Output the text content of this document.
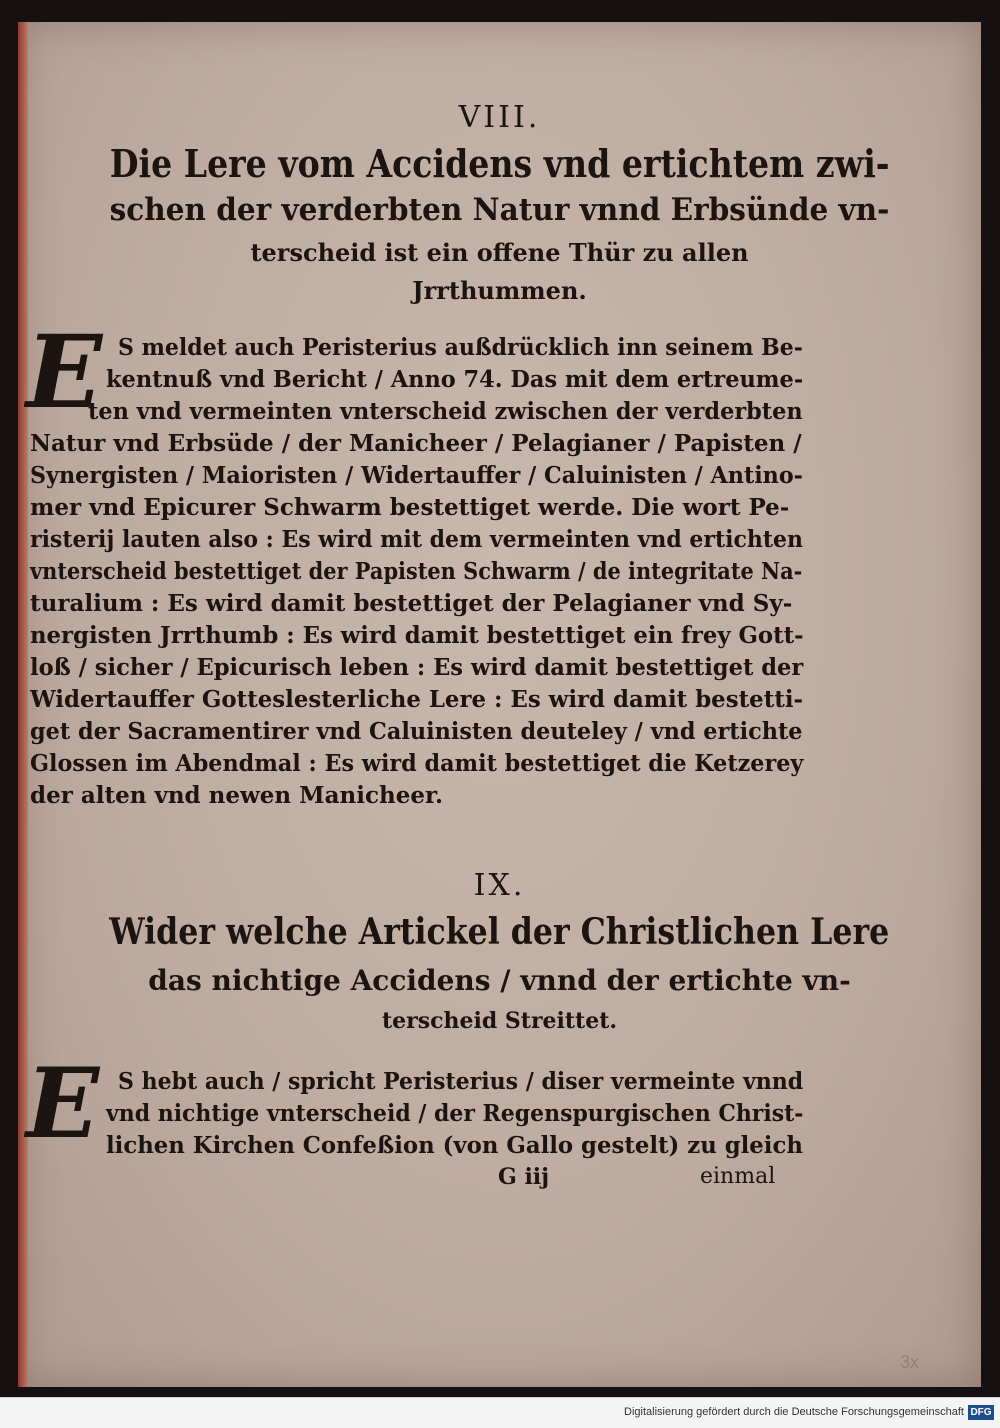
VIII.
Die Lere vom Accidens vnd ertichtem zwi-
schen der verderbten Natur vnnd Erbsünde vn-
terscheid ist ein offene Thür zu allen
Jrrthummen.
E S meldet auch Peristerius außdrücklich inn seinem Be-
kentnuß vnd Bericht / Anno 74. Das mit dem ertreume-
ten vnd vermeinten vnterscheid zwischen der verderbten
Natur vnd Erbsüde / der Manicheer / Pelagianer / Papisten /
Synergisten / Maioristen / Widertauffer / Caluinisten / Antino-
mer vnd Epicurer Schwarm bestettiget werde. Die wort Pe-
risterij lauten also : Es wird mit dem vermeinten vnd ertichten
vnterscheid bestettiget der Papisten Schwarm / de integritate Na-
turalium : Es wird damit bestettiget der Pelagianer vnd Sy-
nergisten Jrrthumb : Es wird damit bestettiget ein frey Gott-
loß / sicher / Epicurisch leben : Es wird damit bestettiget der
Widertauffer Gotteslesterliche Lere : Es wird damit bestetti-
get der Sacramentirer vnd Caluinisten deuteley / vnd ertichte
Glossen im Abendmal : Es wird damit bestettiget die Ketzerey
der alten vnd newen Manicheer.
IX.
Wider welche Artickel der Christlichen Lere
das nichtige Accidens / vnnd der ertichte vn-
terscheid Streittet.
E S hebt auch / spricht Peristerius / diser vermeinte vnnd
vnd nichtige vnterscheid / der Regenspurgischen Christ-
lichen Kirchen Confeßion (von Gallo gestelt) zu gleich
G iij	einmal
3x
Digitalisierung gefördert durch die Deutsche Forschungsgemeinschaft DFG
